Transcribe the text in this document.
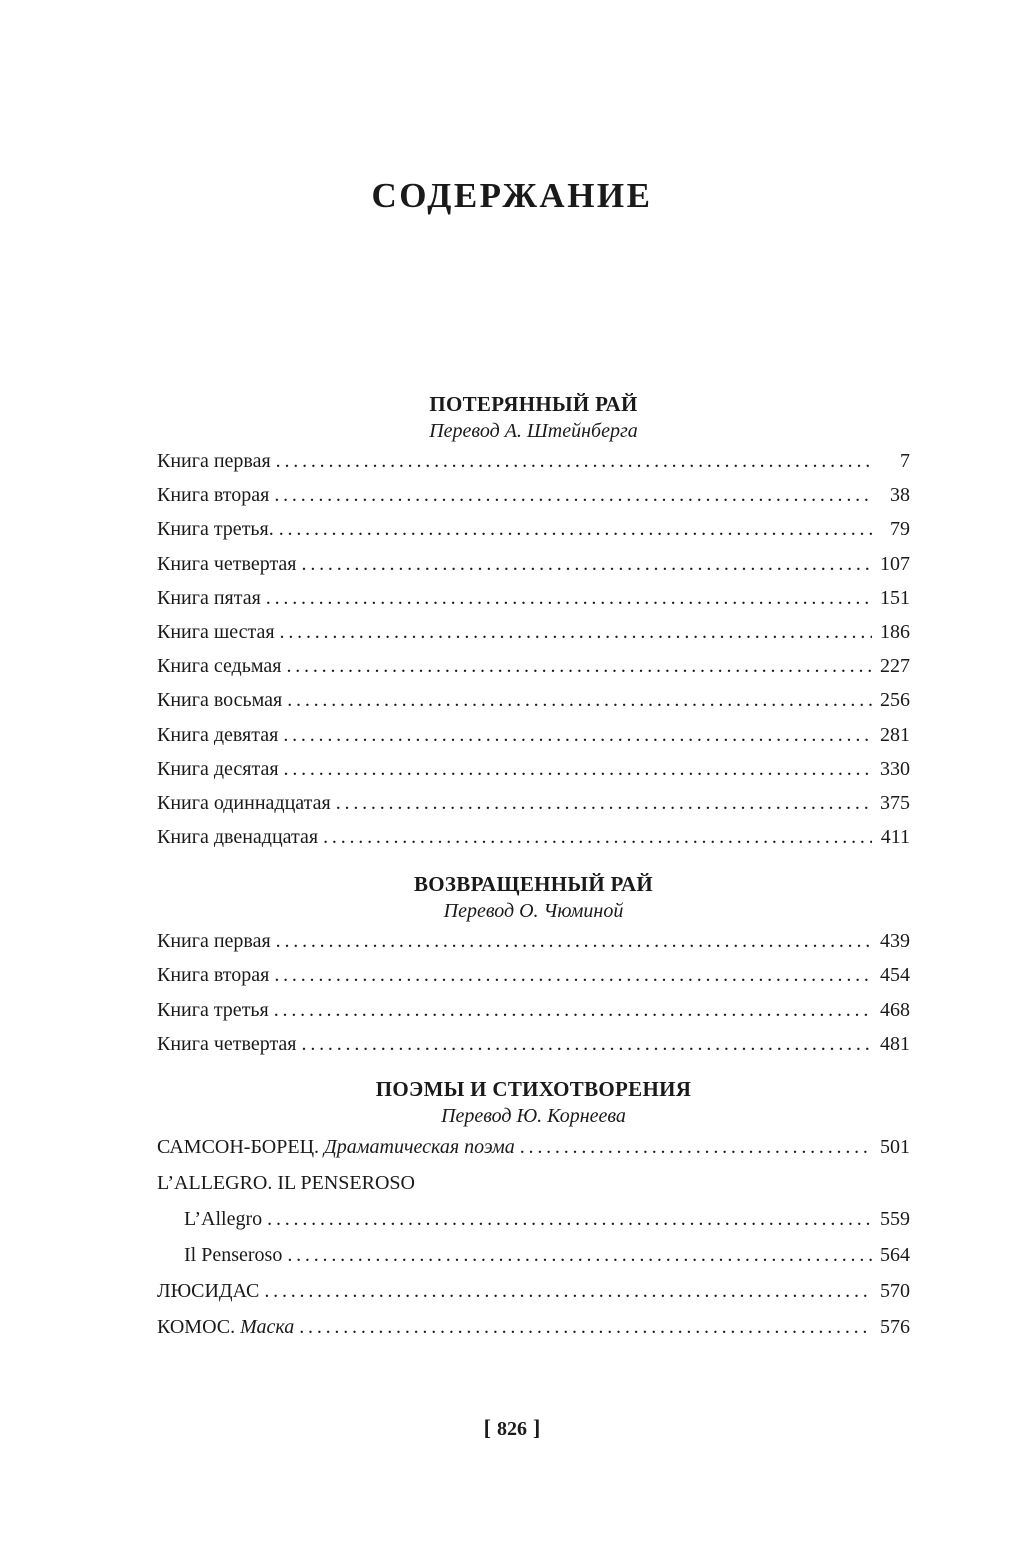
СОДЕРЖАНИЕ
ПОТЕРЯННЫЙ РАЙ
Перевод А. Штейнберга
Книга первая . . .	7
Книга вторая . . .	38
Книга третья. . . .	79
Книга четвертая . . .	107
Книга пятая . . .	151
Книга шестая . . .	186
Книга седьмая . . .	227
Книга восьмая . . .	256
Книга девятая . . .	281
Книга десятая . . .	330
Книга одиннадцатая . . .	375
Книга двенадцатая . . .	411
ВОЗВРАЩЕННЫЙ РАЙ
Перевод О. Чюминой
Книга первая . . .	439
Книга вторая . . .	454
Книга третья . . .	468
Книга четвертая . . .	481
ПОЭМЫ И СТИХОТВОРЕНИЯ
Перевод Ю. Корнеева
САМСОН-БОРЕЦ. Драматическая поэма . . .	501
L’ALLEGRO. IL PENSEROSO
L’Allegro . . .	559
Il Penseroso . . .	564
ЛЮСИДАС . . .	570
КОМОС. Маска . . .	576
[ 826 ]
